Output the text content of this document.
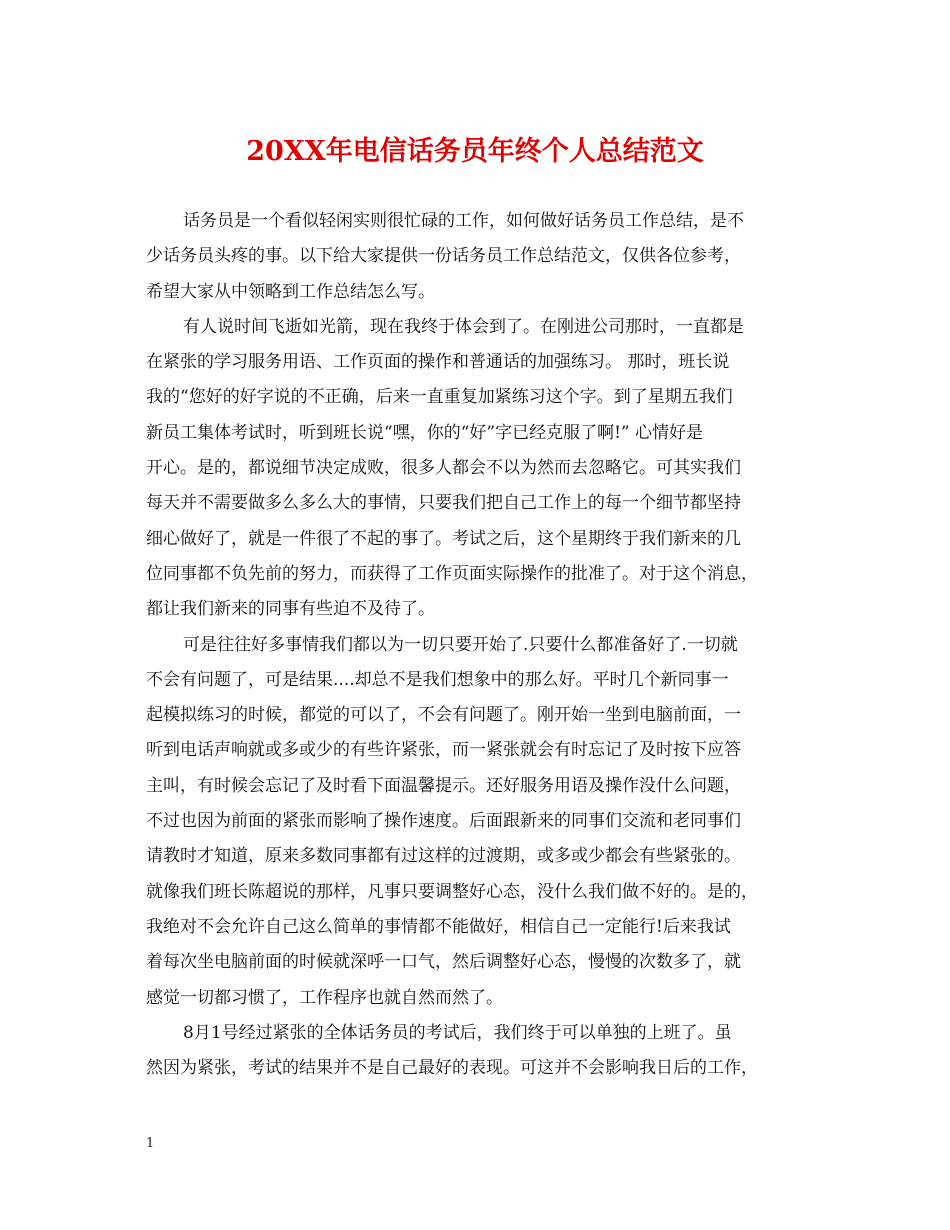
20XX年电信话务员年终个人总结范文
话务员是一个看似轻闲实则很忙碌的工作，如何做好话务员工作总结，是不
少话务员头疼的事。以下给大家提供一份话务员工作总结范文，仅供各位参考，
希望大家从中领略到工作总结怎么写。
有人说时间飞逝如光箭，现在我终于体会到了。在刚进公司那时，一直都是
在紧张的学习服务用语、工作页面的操作和普通话的加强练习。 那时，班长说
我的“您好的好字说的不正确，后来一直重复加紧练习这个字。到了星期五我们
新员工集体考试时，听到班长说“嘿，你的“好”字已经克服了啊!” 心情好是
开心。是的，都说细节决定成败，很多人都会不以为然而去忽略它。可其实我们
每天并不需要做多么多么大的事情，只要我们把自己工作上的每一个细节都坚持
细心做好了，就是一件很了不起的事了。考试之后，这个星期终于我们新来的几
位同事都不负先前的努力，而获得了工作页面实际操作的批准了。对于这个消息，
都让我们新来的同事有些迫不及待了。
可是往往好多事情我们都以为一切只要开始了.只要什么都准备好了.一切就
不会有问题了，可是结果....却总不是我们想象中的那么好。平时几个新同事一
起模拟练习的时候，都觉的可以了，不会有问题了。刚开始一坐到电脑前面，一
听到电话声响就或多或少的有些许紧张，而一紧张就会有时忘记了及时按下应答
主叫，有时候会忘记了及时看下面温馨提示。还好服务用语及操作没什么问题，
不过也因为前面的紧张而影响了操作速度。后面跟新来的同事们交流和老同事们
请教时才知道，原来多数同事都有过这样的过渡期，或多或少都会有些紧张的。
就像我们班长陈超说的那样，凡事只要调整好心态，没什么我们做不好的。是的，
我绝对不会允许自己这么简单的事情都不能做好，相信自己一定能行!后来我试
着每次坐电脑前面的时候就深呼一口气，然后调整好心态，慢慢的次数多了，就
感觉一切都习惯了，工作程序也就自然而然了。
8月1号经过紧张的全体话务员的考试后，我们终于可以单独的上班了。虽
然因为紧张，考试的结果并不是自己最好的表现。可这并不会影响我日后的工作，
1
